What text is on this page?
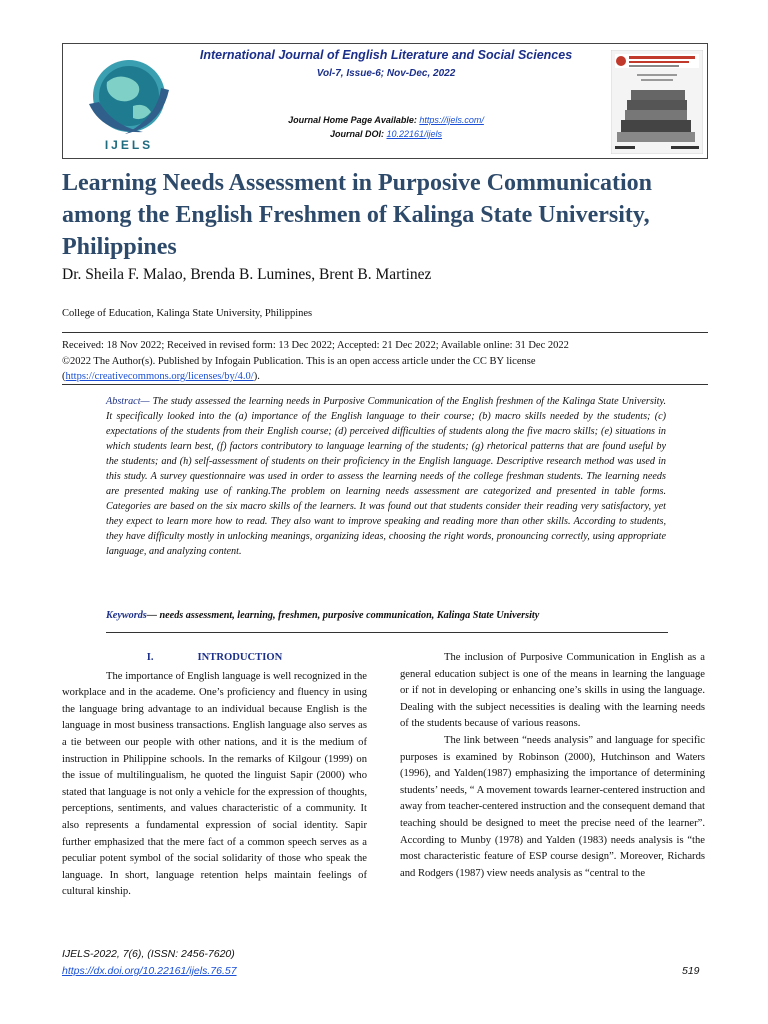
IJELS
International Journal of English Literature and Social Sciences
Vol-7, Issue-6; Nov-Dec, 2022
Journal Home Page Available: https://ijels.com/
Journal DOI: 10.22161/ijels
Learning Needs Assessment in Purposive Communication among the English Freshmen of Kalinga State University, Philippines
Dr. Sheila F. Malao, Brenda B. Lumines, Brent B. Martinez
College of Education, Kalinga State University, Philippines
Received: 18 Nov 2022; Received in revised form: 13 Dec 2022; Accepted: 21 Dec 2022; Available online: 31 Dec 2022
©2022 The Author(s). Published by Infogain Publication. This is an open access article under the CC BY license
(https://creativecommons.org/licenses/by/4.0/).
Abstract— The study assessed the learning needs in Purposive Communication of the English freshmen of the Kalinga State University. It specifically looked into the (a) importance of the English language to their course; (b) macro skills needed by the students; (c) expectations of the students from their English course; (d) perceived difficulties of students along the five macro skills; (e) situations in which students learn best, (f) factors contributory to language learning of the students; (g) rhetorical patterns that are found useful by the students; and (h) self-assessment of students on their proficiency in the English language. Descriptive research method was used in this study. A survey questionnaire was used in order to assess the learning needs of the college freshman students. The learning needs are presented making use of ranking.The problem on learning needs assessment are categorized and presented in table forms. Categories are based on the six macro skills of the learners. It was found out that students consider their reading very satisfactory, yet they expect to learn more how to read. They also want to improve speaking and reading more than other skills. According to students, they have difficulty mostly in unlocking meanings, organizing ideas, choosing the right words, pronouncing correctly, using appropriate language, and analyzing content.
Keywords— needs assessment, learning, freshmen, purposive communication, Kalinga State University
I.	INTRODUCTION

The importance of English language is well recognized in the workplace and in the academe. One’s proficiency and fluency in using the language bring advantage to an individual because English is the language in most business transactions. English language also serves as a tie between our people with other nations, and it is the medium of instruction in Philippine schools. In the remarks of Kilgour (1999) on the issue of multilingualism, he quoted the linguist Sapir (2000) who stated that language is not only a vehicle for the expression of thoughts, perceptions, sentiments, and values characteristic of a community. It also represents a fundamental expression of social identity. Sapir further emphasized that the mere fact of a common speech serves as a peculiar potent symbol of the social solidarity of those who speak the language. In short, language retention helps maintain feelings of cultural kinship.

The inclusion of Purposive Communication in English as a general education subject is one of the means in learning the language or if not in developing or enhancing one’s skills in using the language. Dealing with the subject necessities is dealing with the learning needs of the students because of various reasons.

The link between “needs analysis” and language for specific purposes is examined by Robinson (2000), Hutchinson and Waters (1996), and Yalden(1987) emphasizing the importance of determining students’ needs, “ A movement towards learner-centered instruction and away from teacher-centered instruction and the consequent demand that teaching should be designed to meet the precise need of the learner”. According to Munby (1978) and Yalden (1983) needs analysis is “the most characteristic feature of ESP course design”. Moreover, Richards and Rodgers (1987) view needs analysis as “central to the

IJELS-2022, 7(6), (ISSN: 2456-7620)
https://dx.doi.org/10.22161/ijels.76.57	519
